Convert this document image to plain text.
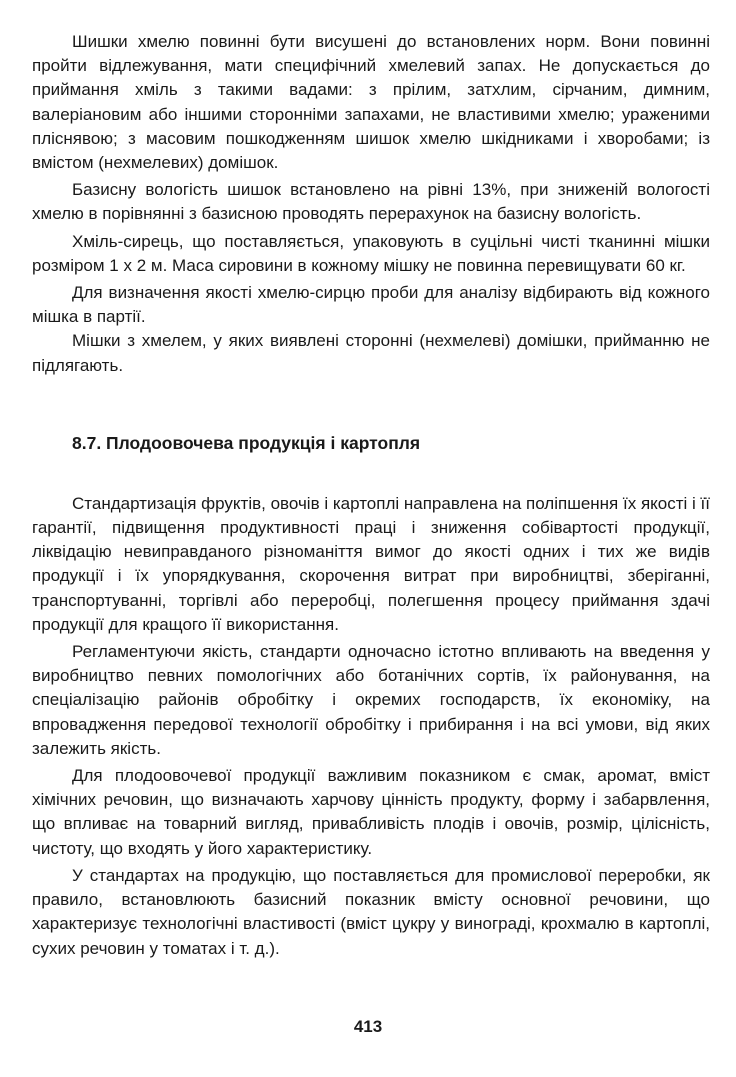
Шишки хмелю повинні бути висушені до встановлених норм. Вони повинні пройти відлежування, мати специфічний хмелевий запах. Не допускається до приймання хміль з такими вадами: з прілим, затхлим, сірчаним, димним, валеріановим або іншими сторонніми запахами, не властивими хмелю; ураженими пліснявою; з масовим пошкодженням шишок хмелю шкідниками і хворобами; із вмістом (нехмелевих) домішок.

Базисну вологість шишок встановлено на рівні 13%, при зниженій вологості хмелю в порівнянні з базисною проводять перерахунок на базисну вологість.

Хміль-сирець, що поставляється, упаковують в суцільні чисті тканинні мішки розміром 1 х 2 м. Маса сировини в кожному мішку не повинна перевищувати 60 кг.

Для визначення якості хмелю-сирцю проби для аналізу відбирають від кожного мішка в партії.

Мішки з хмелем, у яких виявлені сторонні (нехмелеві) домішки, прийманню не підлягають.

8.7. Плодоовочева продукція і картопля

Стандартизація фруктів, овочів і картоплі направлена на поліпшення їх якості і її гарантії, підвищення продуктивності праці і зниження собівартості продукції, ліквідацію невиправданого різноманіття вимог до якості одних і тих же видів продукції і їх упорядкування, скорочення витрат при виробництві, зберіганні, транспортуванні, торгівлі або переробці, полегшення процесу приймання здачі продукції для кращого її використання.

Регламентуючи якість, стандарти одночасно істотно впливають на введення у виробництво певних помологічних або ботанічних сортів, їх районування, на спеціалізацію районів обробітку і окремих господарств, їх економіку, на впровадження передової технології обробітку і прибирання і на всі умови, від яких залежить якість.

Для плодоовочевої продукції важливим показником є смак, аромат, вміст хімічних речовин, що визначають харчову цінність продукту, форму і забарвлення, що впливає на товарний вигляд, привабливість плодів і овочів, розмір, цілісність, чистоту, що входять у його характеристику.

У стандартах на продукцію, що поставляється для промислової переробки, як правило, встановлюють базисний показник вмісту основної речовини, що характеризує технологічні властивості (вміст цукру у винограді, крохмалю в картоплі, сухих речовин у томатах і т. д.).

413
